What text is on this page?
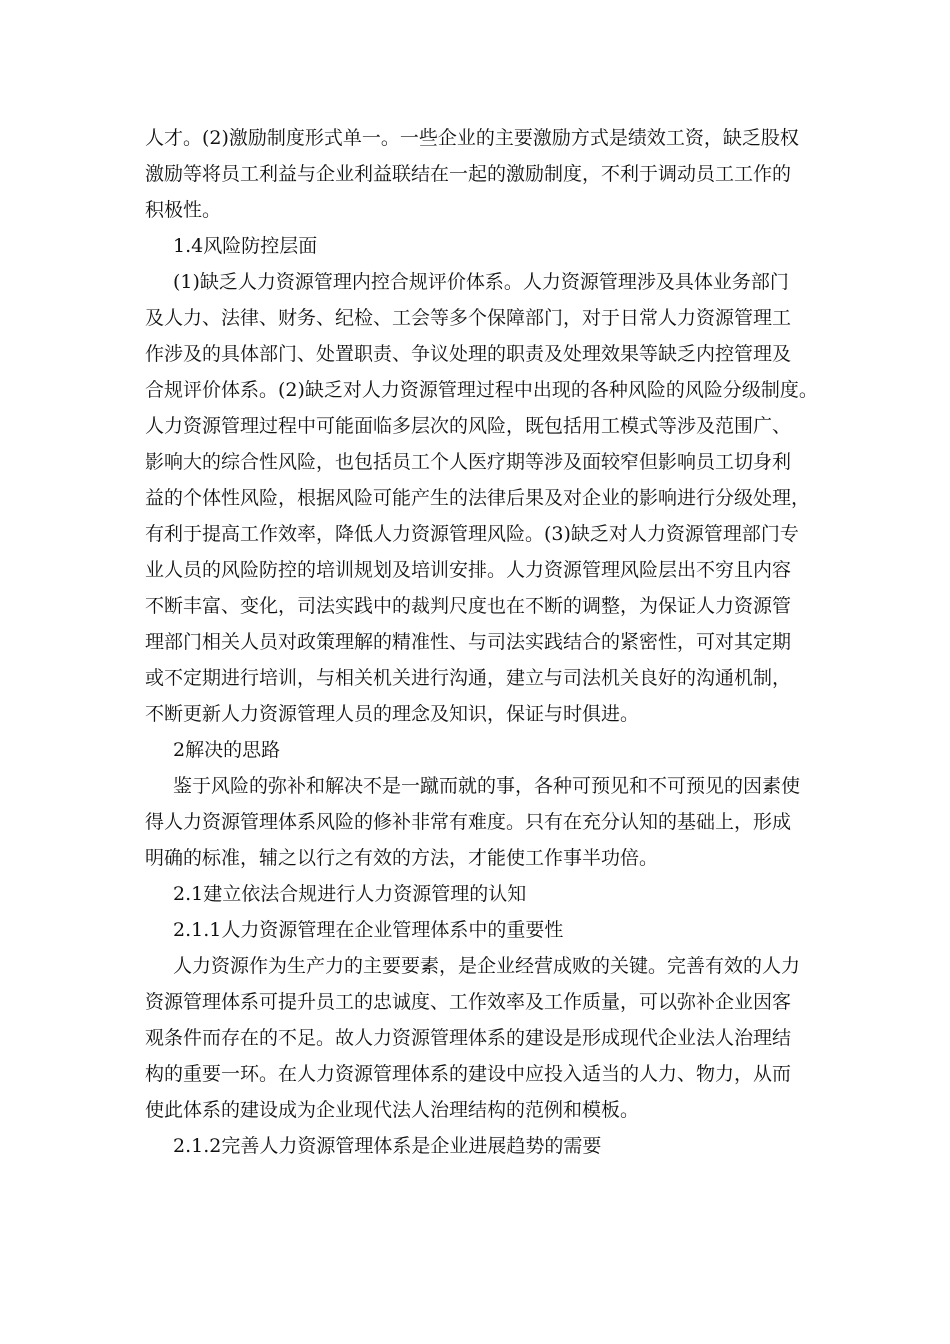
人才。(2)激励制度形式单一。一些企业的主要激励方式是绩效工资，缺乏股权
激励等将员工利益与企业利益联结在一起的激励制度，不利于调动员工工作的
积极性。
1.4风险防控层面
(1)缺乏人力资源管理内控合规评价体系。人力资源管理涉及具体业务部门
及人力、法律、财务、纪检、工会等多个保障部门，对于日常人力资源管理工
作涉及的具体部门、处置职责、争议处理的职责及处理效果等缺乏内控管理及
合规评价体系。(2)缺乏对人力资源管理过程中出现的各种风险的风险分级制度。
人力资源管理过程中可能面临多层次的风险，既包括用工模式等涉及范围广、
影响大的综合性风险，也包括员工个人医疗期等涉及面较窄但影响员工切身利
益的个体性风险，根据风险可能产生的法律后果及对企业的影响进行分级处理，
有利于提高工作效率，降低人力资源管理风险。(3)缺乏对人力资源管理部门专
业人员的风险防控的培训规划及培训安排。人力资源管理风险层出不穷且内容
不断丰富、变化，司法实践中的裁判尺度也在不断的调整，为保证人力资源管
理部门相关人员对政策理解的精准性、与司法实践结合的紧密性，可对其定期
或不定期进行培训，与相关机关进行沟通，建立与司法机关良好的沟通机制，
不断更新人力资源管理人员的理念及知识，保证与时俱进。
2解决的思路
鉴于风险的弥补和解决不是一蹴而就的事，各种可预见和不可预见的因素使
得人力资源管理体系风险的修补非常有难度。只有在充分认知的基础上，形成
明确的标准，辅之以行之有效的方法，才能使工作事半功倍。
2.1建立依法合规进行人力资源管理的认知
2.1.1人力资源管理在企业管理体系中的重要性
人力资源作为生产力的主要要素，是企业经营成败的关键。完善有效的人力
资源管理体系可提升员工的忠诚度、工作效率及工作质量，可以弥补企业因客
观条件而存在的不足。故人力资源管理体系的建设是形成现代企业法人治理结
构的重要一环。在人力资源管理体系的建设中应投入适当的人力、物力，从而
使此体系的建设成为企业现代法人治理结构的范例和模板。
2.1.2完善人力资源管理体系是企业进展趋势的需要
